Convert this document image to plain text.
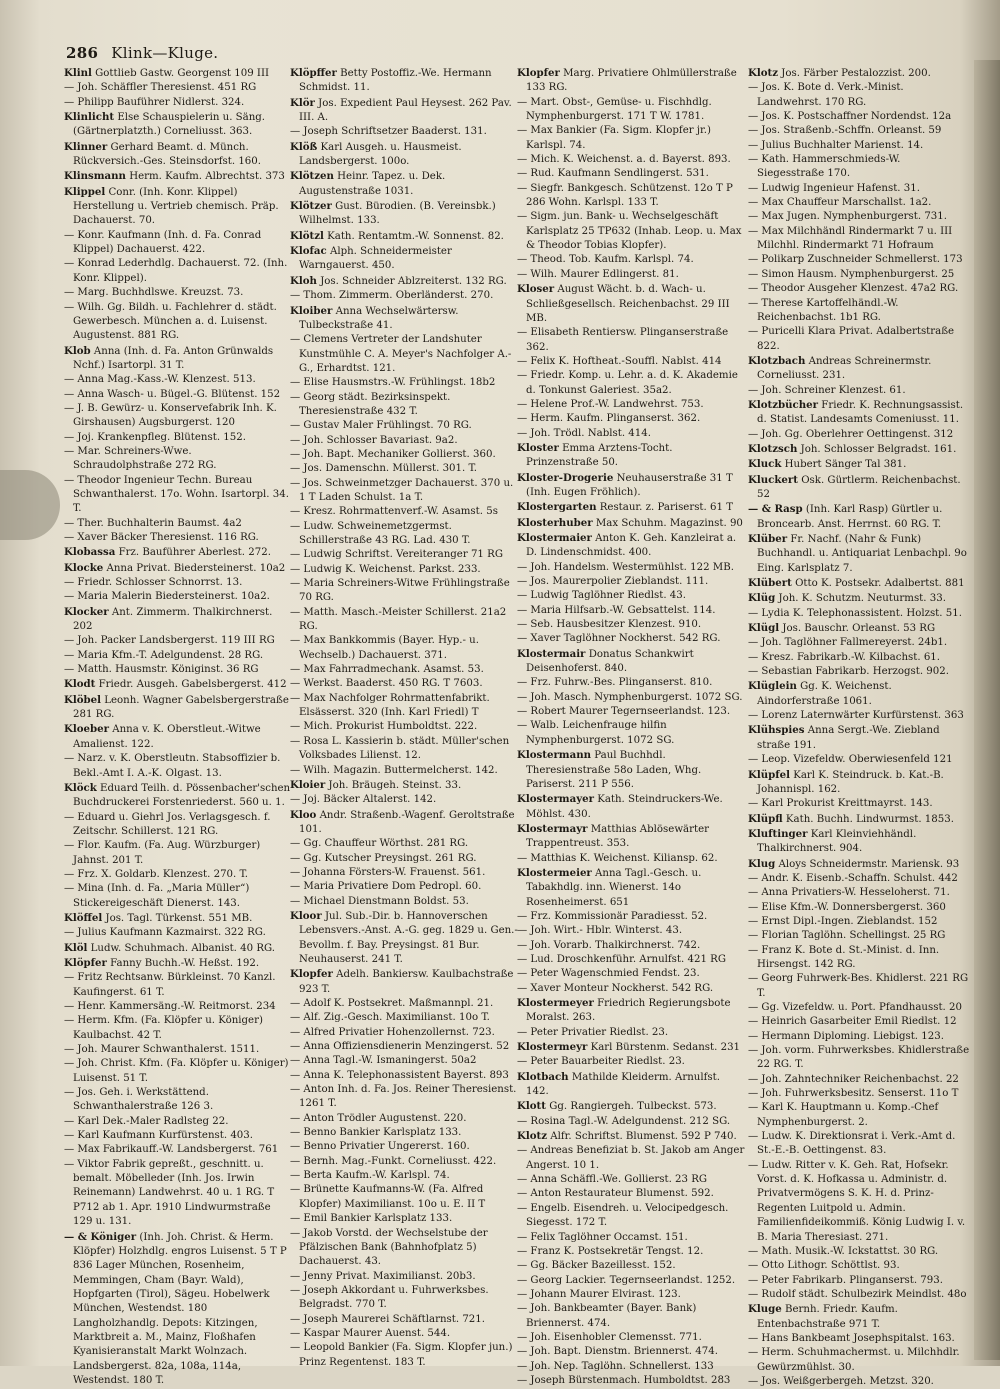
286 Klink—Kluge.

Klinl Gottlieb Gastw. Georgenst 109 III

— Joh. Schäffler Theresienst. 451 RG

— Philipp Bauführer Nidlerst. 324.

Klinlicht Else Schauspielerin u. Säng. (Gärtnerplatzth.) Corneliusst. 363.

Klinner Gerhard Beamt. d. Münch. Rückversich.-Ges. Steinsdorfst. 160.

Klinsmann Herm. Kaufm. Albrechtst. 373

Klippel Conr. (Inh. Konr. Klippel) Herstellung u. Vertrieb chemisch. Präp. Dachauerst. 70.

— Konr. Kaufmann (Inh. d. Fa. Conrad Klippel) Dachauerst. 422.

— Konrad Lederhdlg. Dachauerst. 72. (Inh. Konr. Klippel).

— Marg. Buchhdlswe. Kreuzst. 73.

— Wilh. Gg. Bildh. u. Fachlehrer d. städt. Gewerbesch. München a. d. Luisenst. Augustenst. 881 RG.

Klob Anna (Inh. d. Fa. Anton Grünwalds Nchf.) Isartorpl. 31 T.

— Anna Mag.-Kass.-W. Klenzest. 513.

— Anna Wasch- u. Bügel.-G. Blütenst. 152

— J. B. Gewürz- u. Konservefabrik Inh. K. Girshausen) Augsburgerst. 120

— Joj. Krankenpfleg. Blütenst. 152.

— Mar. Schreiners-Wwe. Schraudolphstraße 272 RG.

— Theodor Ingenieur Techn. Bureau Schwanthalerst. 17o. Wohn. Isartorpl. 34. T.

— Ther. Buchhalterin Baumst. 4a2

— Xaver Bäcker Theresienst. 116 RG.

Klobassa Frz. Bauführer Aberlest. 272.

Klocke Anna Privat. Biedersteinerst. 10a2

— Friedr. Schlosser Schnorrst. 13.

— Maria Malerin Biedersteinerst. 10a2.

Klocker Ant. Zimmerm. Thalkirchnerst. 202

— Joh. Packer Landsbergerst. 119 III RG

— Maria Kfm.-T. Adelgundenst. 28 RG.

— Matth. Hausmstr. Königinst. 36 RG

Klodt Friedr. Ausgeh. Gabelsbergerst. 412

Klöbel Leonh. Wagner Gabelsbergerstraße 281 RG.

Kloeber Anna v. K. Oberstleut.-Witwe Amalienst. 122.

— Narz. v. K. Oberstleutn. Stabsoffizier b. Bekl.-Amt I. A.-K. Olgast. 13.

Klöck Eduard Teilh. d. Pössenbacher'schen Buchdruckerei Forstenriederst. 560 u. 1.

— Eduard u. Giehrl Jos. Verlagsgesch. f. Zeitschr. Schillerst. 121 RG.

— Flor. Kaufm. (Fa. Aug. Würzburger) Jahnst. 201 T.

— Frz. X. Goldarb. Klenzest. 270. T.

— Mina (Inh. d. Fa. „Maria Müller“) Stickereigeschäft Dienerst. 143.

Klöffel Jos. Tagl. Türkenst. 551 MB.

— Julius Kaufmann Kazmairst. 322 RG.

Klöl Ludw. Schuhmach. Albanist. 40 RG.

Klöpfer Fanny Buchh.-W. Heßst. 192.

— Fritz Rechtsanw. Bürkleinst. 70 Kanzl. Kaufingerst. 61 T.

— Henr. Kammersäng.-W. Reitmorst. 234

— Herm. Kfm. (Fa. Klöpfer u. Königer) Kaulbachst. 42 T.

— Joh. Maurer Schwanthalerst. 1511.

— Joh. Christ. Kfm. (Fa. Klöpfer u. Königer) Luisenst. 51 T.

— Jos. Geh. i. Werkstättend. Schwanthalerstraße 126 3.

— Karl Dek.-Maler Radlsteg 22.

— Karl Kaufmann Kurfürstenst. 403.

— Max Fabrikauff.-W. Landsbergerst. 761

— Viktor Fabrik gepreßt., geschnitt. u. bemalt. Möbelleder (Inh. Jos. Irwin Reinemann) Landwehrst. 40 u. 1 RG. T P712 ab 1. Apr. 1910 Lindwurmstraße 129 u. 131.

— & Königer (Inh. Joh. Christ. & Herm. Klöpfer) Holzhdlg. engros Luisenst. 5 T P 836 Lager München, Rosenheim, Memmingen, Cham (Bayr. Wald), Hopfgarten (Tirol), Sägeu. Hobelwerk München, Westendst. 180 Langholzhandlg. Depots: Kitzingen, Marktbreit a. M., Mainz, Floßhafen Kyanisieranstalt Markt Wolnzach. Landsbergerst. 82a, 108a, 114a, Westendst. 180 T.

Klöpffer Betty Postoffiz.-We. Hermann Schmidst. 11.

Klör Jos. Expedient Paul Heysest. 262 Pav. III. A.

— Joseph Schriftsetzer Baaderst. 131.

Klöß Karl Ausgeh. u. Hausmeist. Landsbergerst. 100o.

Klötzen Heinr. Tapez. u. Dek. Augustenstraße 1031.

Klötzer Gust. Bürodien. (B. Vereinsbk.) Wilhelmst. 133.

Klötzl Kath. Rentamtm.-W. Sonnenst. 82.

Klofac Alph. Schneidermeister Warngauerst. 450.

Kloh Jos. Schneider Ablzreiterst. 132 RG.

— Thom. Zimmerm. Oberländerst. 270.

Kloiber Anna Wechselwärtersw. Tulbeckstraße 41.

— Clemens Vertreter der Landshuter Kunstmühle C. A. Meyer's Nachfolger A.-G., Erhardtst. 121.

— Elise Hausmstrs.-W. Frühlingst. 18b2

— Georg städt. Bezirksinspekt. Theresienstraße 432 T.

— Gustav Maler Frühlingst. 70 RG.

— Joh. Schlosser Bavariast. 9a2.

— Joh. Bapt. Mechaniker Gollierst. 360.

— Jos. Damenschn. Müllerst. 301. T.

— Jos. Schweinmetzger Dachauerst. 370 u. 1 T Laden Schulst. 1a T.

— Kresz. Rohrmattenverf.-W. Asamst. 5s

— Ludw. Schweinemetzgermst. Schillerstraße 43 RG. Lad. 430 T.

— Ludwig Schriftst. Vereiteranger 71 RG

— Ludwig K. Weichenst. Parkst. 233.

— Maria Schreiners-Witwe Frühlingstraße 70 RG.

— Matth. Masch.-Meister Schillerst. 21a2 RG.

— Max Bankkommis (Bayer. Hyp.- u. Wechselb.) Dachauerst. 371.

— Max Fahrradmechank. Asamst. 53.

— Werkst. Baaderst. 450 RG. T 7603.

— Max Nachfolger Rohrmattenfabrikt. Elsässerst. 320 (Inh. Karl Friedl) T

— Mich. Prokurist Humboldtst. 222.

— Rosa L. Kassierin b. städt. Müller'schen Volksbades Lilienst. 12.

— Wilh. Magazin. Buttermelcherst. 142.

Kloier Joh. Bräugeh. Steinst. 33.

— Joj. Bäcker Altalerst. 142.

Kloo Andr. Straßenb.-Wagenf. Geroltstraße 101.

— Gg. Chauffeur Wörthst. 281 RG.

— Gg. Kutscher Preysingst. 261 RG.

— Johanna Försters-W. Frauenst. 561.

— Maria Privatiere Dom Pedropl. 60.

— Michael Dienstmann Boldst. 53.

Kloor Jul. Sub.-Dir. b. Hannoverschen Lebensvers.-Anst. A.-G. geg. 1829 u. Gen.-Bevollm. f. Bay. Preysingst. 81 Bur. Neuhauserst. 241 T.

Klopfer Adelh. Bankiersw. Kaulbachstraße 923 T.

— Adolf K. Postsekret. Maßmannpl. 21.

— Alf. Zig.-Gesch. Maximilianst. 10o T.

— Alfred Privatier Hohenzollernst. 723.

— Anna Offiziensdienerin Menzingerst. 52

— Anna Tagl.-W. Ismaningerst. 50a2

— Anna K. Telephonassistent Bayerst. 893

— Anton Inh. d. Fa. Jos. Reiner Theresienst. 1261 T.

— Anton Trödler Augustenst. 220.

— Benno Bankier Karlsplatz 133.

— Benno Privatier Ungererst. 160.

— Bernh. Mag.-Funkt. Corneliusst. 422.

— Berta Kaufm.-W. Karlspl. 74.

— Brünette Kaufmanns-W. (Fa. Alfred Klopfer) Maximilianst. 10o u. E. II T

— Emil Bankier Karlsplatz 133.

— Jakob Vorstd. der Wechselstube der Pfälzischen Bank (Bahnhofplatz 5) Dachauerst. 43.

— Jenny Privat. Maximilianst. 20b3.

— Joseph Akkordant u. Fuhrwerksbes. Belgradst. 770 T.

— Joseph Maurerei Schäftlarnst. 721.

— Kaspar Maurer Auenst. 544.

— Leopold Bankier (Fa. Sigm. Klopfer jun.) Prinz Regentenst. 183 T.

Klopfer Marg. Privatiere Ohlmüllerstraße 133 RG.

— Mart. Obst-, Gemüse- u. Fischhdlg. Nymphenburgerst. 171 T W. 1781.

— Max Bankier (Fa. Sigm. Klopfer jr.) Karlspl. 74.

— Mich. K. Weichenst. a. d. Bayerst. 893.

— Rud. Kaufmann Sendlingerst. 531.

— Siegfr. Bankgesch. Schützenst. 12o T P 286 Wohn. Karlspl. 133 T.

— Sigm. jun. Bank- u. Wechselgeschäft Karlsplatz 25 TP632 (Inhab. Leop. u. Max & Theodor Tobias Klopfer).

— Theod. Tob. Kaufm. Karlspl. 74.

— Wilh. Maurer Edlingerst. 81.

Kloser August Wächt. b. d. Wach- u. Schließgesellsch. Reichenbachst. 29 III MB.

— Elisabeth Rentiersw. Plinganserstraße 362.

— Felix K. Hoftheat.-Souffl. Nablst. 414

— Friedr. Komp. u. Lehr. a. d. K. Akademie d. Tonkunst Galeriest. 35a2.

— Helene Prof.-W. Landwehrst. 753.

— Herm. Kaufm. Plinganserst. 362.

— Joh. Trödl. Nablst. 414.

Kloster Emma Arztens-Tocht. Prinzenstraße 50.

Kloster-Drogerie Neuhauserstraße 31 T (Inh. Eugen Fröhlich).

Klostergarten Restaur. z. Pariserst. 61 T

Klosterhuber Max Schuhm. Magazinst. 90

Klostermaier Anton K. Geh. Kanzleirat a. D. Lindenschmidst. 400.

— Joh. Handelsm. Westermühlst. 122 MB.

— Jos. Maurerpolier Zieblandst. 111.

— Ludwig Taglöhner Riedlst. 43.

— Maria Hilfsarb.-W. Gebsattelst. 114.

— Seb. Hausbesitzer Klenzest. 910.

— Xaver Taglöhner Nockherst. 542 RG.

Klostermair Donatus Schankwirt Deisenhoferst. 840.

— Frz. Fuhrw.-Bes. Plinganserst. 810.

— Joh. Masch. Nymphenburgerst. 1072 SG.

— Robert Maurer Tegernseerlandst. 123.

— Walb. Leichenfrauge hilfin Nymphenburgerst. 1072 SG.

Klostermann Paul Buchhdl. Theresienstraße 58o Laden, Whg. Pariserst. 211 P 556.

Klostermayer Kath. Steindruckers-We. Möhlst. 430.

Klostermayr Matthias Ablösewärter Trappentreust. 353.

— Matthias K. Weichenst. Kiliansp. 62.

Klostermeier Anna Tagl.-Gesch. u. Tabakhdlg. inn. Wienerst. 14o Rosenheimerst. 651

— Frz. Kommissionär Paradiesst. 52.

— Joh. Wirt.- Hblr. Winterst. 43.

— Joh. Vorarb. Thalkirchnerst. 742.

— Lud. Droschkenführ. Arnulfst. 421 RG

— Peter Wagenschmied Fendst. 23.

— Xaver Monteur Nockherst. 542 RG.

Klostermeyer Friedrich Regierungsbote Moralst. 263.

— Peter Privatier Riedlst. 23.

Klostermeyr Karl Bürstenm. Sedanst. 231

— Peter Bauarbeiter Riedlst. 23.

Klotbach Mathilde Kleiderm. Arnulfst. 142.

Klott Gg. Rangiergeh. Tulbeckst. 573.

— Rosina Tagl.-W. Adelgundenst. 212 SG.

Klotz Alfr. Schriftst. Blumenst. 592 P 740.

— Andreas Benefiziat b. St. Jakob am Anger Angerst. 10 1.

— Anna Schäffl.-We. Gollierst. 23 RG

— Anton Restaurateur Blumenst. 592.

— Engelb. Eisendreh. u. Velocipedgesch. Siegesst. 172 T.

— Felix Taglöhner Occamst. 151.

— Franz K. Postsekretär Tengst. 12.

— Gg. Bäcker Bazeillesst. 152.

— Georg Lackier. Tegernseerlandst. 1252.

— Johann Maurer Elvirast. 123.

— Joh. Bankbeamter (Bayer. Bank) Briennerst. 474.

— Joh. Eisenhobler Clemensst. 771.

— Joh. Bapt. Dienstm. Briennerst. 474.

— Joh. Nep. Taglöhn. Schnellerst. 133

— Joseph Bürstenmach. Humboldtst. 283

Klotz Jos. Färber Pestalozzist. 200.

— Jos. K. Bote d. Verk.-Minist. Landwehrst. 170 RG.

— Jos. K. Postschaffner Nordendst. 12a

— Jos. Straßenb.-Schffn. Orleanst. 59

— Julius Buchhalter Marienst. 14.

— Kath. Hammerschmieds-W. Siegesstraße 170.

— Ludwig Ingenieur Hafenst. 31.

— Max Chauffeur Marschallst. 1a2.

— Max Jugen. Nymphenburgerst. 731.

— Max Milchhändl Rindermarkt 7 u. III Milchhl. Rindermarkt 71 Hofraum

— Polikarp Zuschneider Schmellerst. 173

— Simon Hausm. Nymphenburgerst. 25

— Theodor Ausgeher Klenzest. 47a2 RG.

— Therese Kartoffelhändl.-W. Reichenbachst. 1b1 RG.

— Puricelli Klara Privat. Adalbertstraße 822.

Klotzbach Andreas Schreinermstr. Corneliusst. 231.

— Joh. Schreiner Klenzest. 61.

Klotzbücher Friedr. K. Rechnungsassist. d. Statist. Landesamts Comeniusst. 11.

— Joh. Gg. Oberlehrer Oettingenst. 312

Klotzsch Joh. Schlosser Belgradst. 161.

Kluck Hubert Sänger Tal 381.

Kluckert Osk. Gürtlerm. Reichenbachst. 52

— & Rasp (Inh. Karl Rasp) Gürtler u. Broncearb. Anst. Herrnst. 60 RG. T.

Klüber Fr. Nachf. (Nahr & Funk) Buchhandl. u. Antiquariat Lenbachpl. 9o Eing. Karlsplatz 7.

Klübert Otto K. Postsekr. Adalbertst. 881

Klüg Joh. K. Schutzm. Neuturmst. 33.

— Lydia K. Telephonassistent. Holzst. 51.

Klügl Jos. Bauschr. Orleanst. 53 RG

— Joh. Taglöhner Fallmereyerst. 24b1.

— Kresz. Fabrikarb.-W. Kilbachst. 61.

— Sebastian Fabrikarb. Herzogst. 902.

Klüglein Gg. K. Weichenst. Aindorferstraße 1061.

— Lorenz Laternwärter Kurfürstenst. 363

Klühspies Anna Sergt.-We. Ziebland straße 191.

— Leop. Vizefeldw. Oberwiesenfeld 121

Klüpfel Karl K. Steindruck. b. Kat.-B. Johannispl. 162.

— Karl Prokurist Kreittmayrst. 143.

Klüpfl Kath. Buchh. Lindwurmst. 1853.

Kluftinger Karl Kleinviehhändl. Thalkirchnerst. 904.

Klug Aloys Schneidermstr. Mariensk. 93

— Andr. K. Eisenb.-Schaffn. Schulst. 442

— Anna Privatiers-W. Hesseloherst. 71.

— Elise Kfm.-W. Donnersbergerst. 360

— Ernst Dipl.-Ingen. Zieblandst. 152

— Florian Taglöhn. Schellingst. 25 RG

— Franz K. Bote d. St.-Minist. d. Inn. Hirsengst. 142 RG.

— Georg Fuhrwerk-Bes. Khidlerst. 221 RG T.

— Gg. Vizefeldw. u. Port. Pfandhausst. 20

— Heinrich Gasarbeiter Emil Riedlst. 12

— Hermann Diploming. Liebigst. 123.

— Joh. vorm. Fuhrwerksbes. Khidlerstraße 22 RG. T.

— Joh. Zahntechniker Reichenbachst. 22

— Joh. Fuhrwerksbesitz. Senserst. 11o T

— Karl K. Hauptmann u. Komp.-Chef Nymphenburgerst. 2.

— Ludw. K. Direktionsrat i. Verk.-Amt d. St.-E.-B. Oettingenst. 83.

— Ludw. Ritter v. K. Geh. Rat, Hofsekr. Vorst. d. K. Hofkassa u. Administr. d. Privatvermögens S. K. H. d. Prinz-Regenten Luitpold u. Admin. Familienfideikommiß. König Ludwig I. v. B. Maria Theresiast. 271.

— Math. Musik.-W. Ickstattst. 30 RG.

— Otto Lithogr. Schöttlst. 93.

— Peter Fabrikarb. Plinganserst. 793.

— Rudolf städt. Schulbezirk Meindlst. 48o

Kluge Bernh. Friedr. Kaufm. Entenbachstraße 971 T.

— Hans Bankbeamt Josephspitalst. 163.

— Herm. Schuhmachermst. u. Milchhdlr. Gewürzmühlst. 30.

— Jos. Weißgerbergeh. Metzst. 320.
